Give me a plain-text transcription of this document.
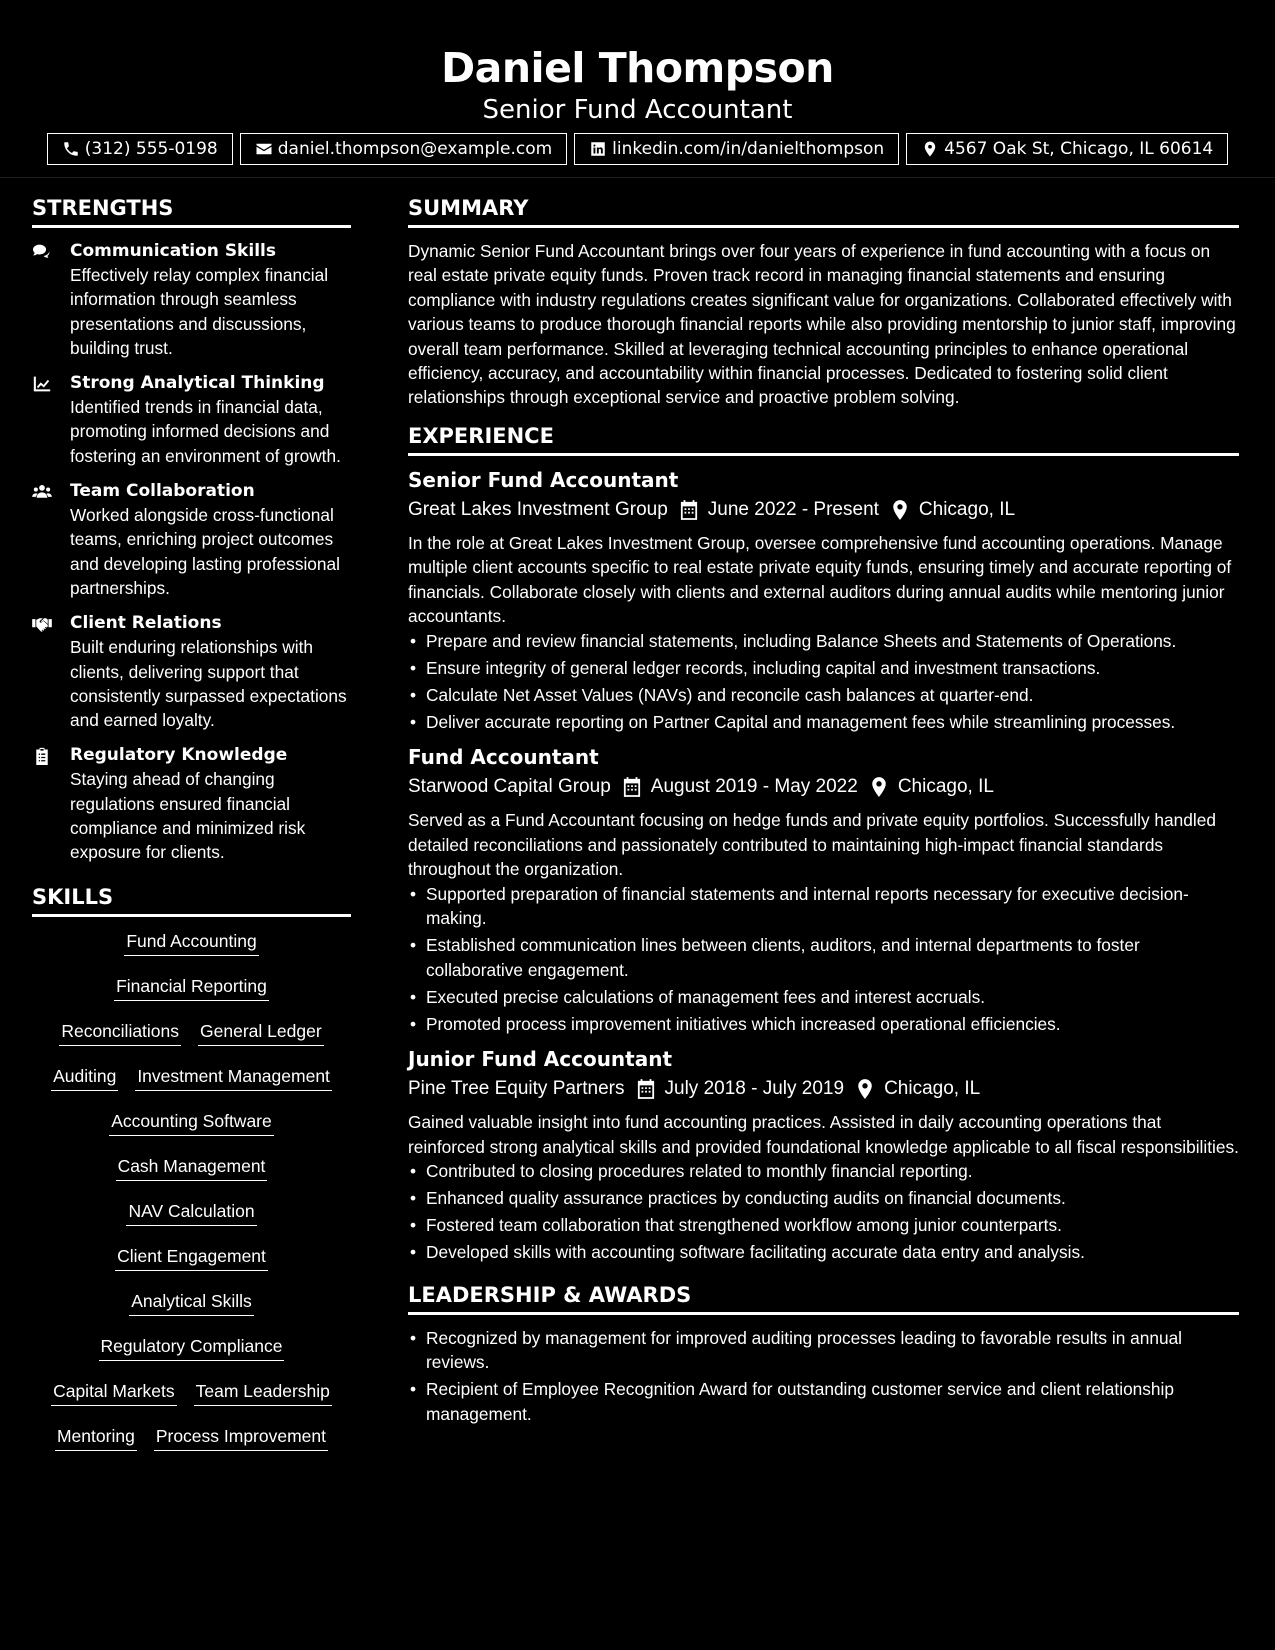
Daniel Thompson
Senior Fund Accountant
(312) 555-0198	daniel.thompson@example.com	linkedin.com/in/danielthompson	4567 Oak St, Chicago, IL 60614
STRENGTHS
Communication Skills
Effectively relay complex financial information through seamless presentations and discussions, building trust.
Strong Analytical Thinking
Identified trends in financial data, promoting informed decisions and fostering an environment of growth.
Team Collaboration
Worked alongside cross-functional teams, enriching project outcomes and developing lasting professional partnerships.
Client Relations
Built enduring relationships with clients, delivering support that consistently surpassed expectations and earned loyalty.
Regulatory Knowledge
Staying ahead of changing regulations ensured financial compliance and minimized risk exposure for clients.
SKILLS
Fund Accounting
Financial Reporting
Reconciliations General Ledger
Auditing Investment Management
Accounting Software
Cash Management
NAV Calculation
Client Engagement
Analytical Skills
Regulatory Compliance
Capital Markets Team Leadership
Mentoring Process Improvement
SUMMARY

Dynamic Senior Fund Accountant brings over four years of experience in fund accounting with a focus on real estate private equity funds. Proven track record in managing financial statements and ensuring compliance with industry regulations creates significant value for organizations. Collaborated effectively with various teams to produce thorough financial reports while also providing mentorship to junior staff, improving overall team performance. Skilled at leveraging technical accounting principles to enhance operational efficiency, accuracy, and accountability within financial processes. Dedicated to fostering solid client relationships through exceptional service and proactive problem solving.

EXPERIENCE
Senior Fund Accountant
Great Lakes Investment Group June 2022 - Present Chicago, IL

In the role at Great Lakes Investment Group, oversee comprehensive fund accounting operations. Manage multiple client accounts specific to real estate private equity funds, ensuring timely and accurate reporting of financials. Collaborate closely with clients and external auditors during annual audits while mentoring junior accountants.

• Prepare and review financial statements, including Balance Sheets and Statements of Operations.
• Ensure integrity of general ledger records, including capital and investment transactions.
• Calculate Net Asset Values (NAVs) and reconcile cash balances at quarter-end.
• Deliver accurate reporting on Partner Capital and management fees while streamlining processes.
Fund Accountant
Starwood Capital Group August 2019 - May 2022 Chicago, IL

Served as a Fund Accountant focusing on hedge funds and private equity portfolios. Successfully handled detailed reconciliations and passionately contributed to maintaining high-impact financial standards throughout the organization.

• Supported preparation of financial statements and internal reports necessary for executive decision-making.
• Established communication lines between clients, auditors, and internal departments to foster collaborative engagement.
• Executed precise calculations of management fees and interest accruals.
• Promoted process improvement initiatives which increased operational efficiencies.
Junior Fund Accountant
Pine Tree Equity Partners July 2018 - July 2019 Chicago, IL

Gained valuable insight into fund accounting practices. Assisted in daily accounting operations that reinforced strong analytical skills and provided foundational knowledge applicable to all fiscal responsibilities.

• Contributed to closing procedures related to monthly financial reporting.
• Enhanced quality assurance practices by conducting audits on financial documents.
• Fostered team collaboration that strengthened workflow among junior counterparts.
• Developed skills with accounting software facilitating accurate data entry and analysis.
LEADERSHIP & AWARDS
• Recognized by management for improved auditing processes leading to favorable results in annual reviews.
• Recipient of Employee Recognition Award for outstanding customer service and client relationship management.
